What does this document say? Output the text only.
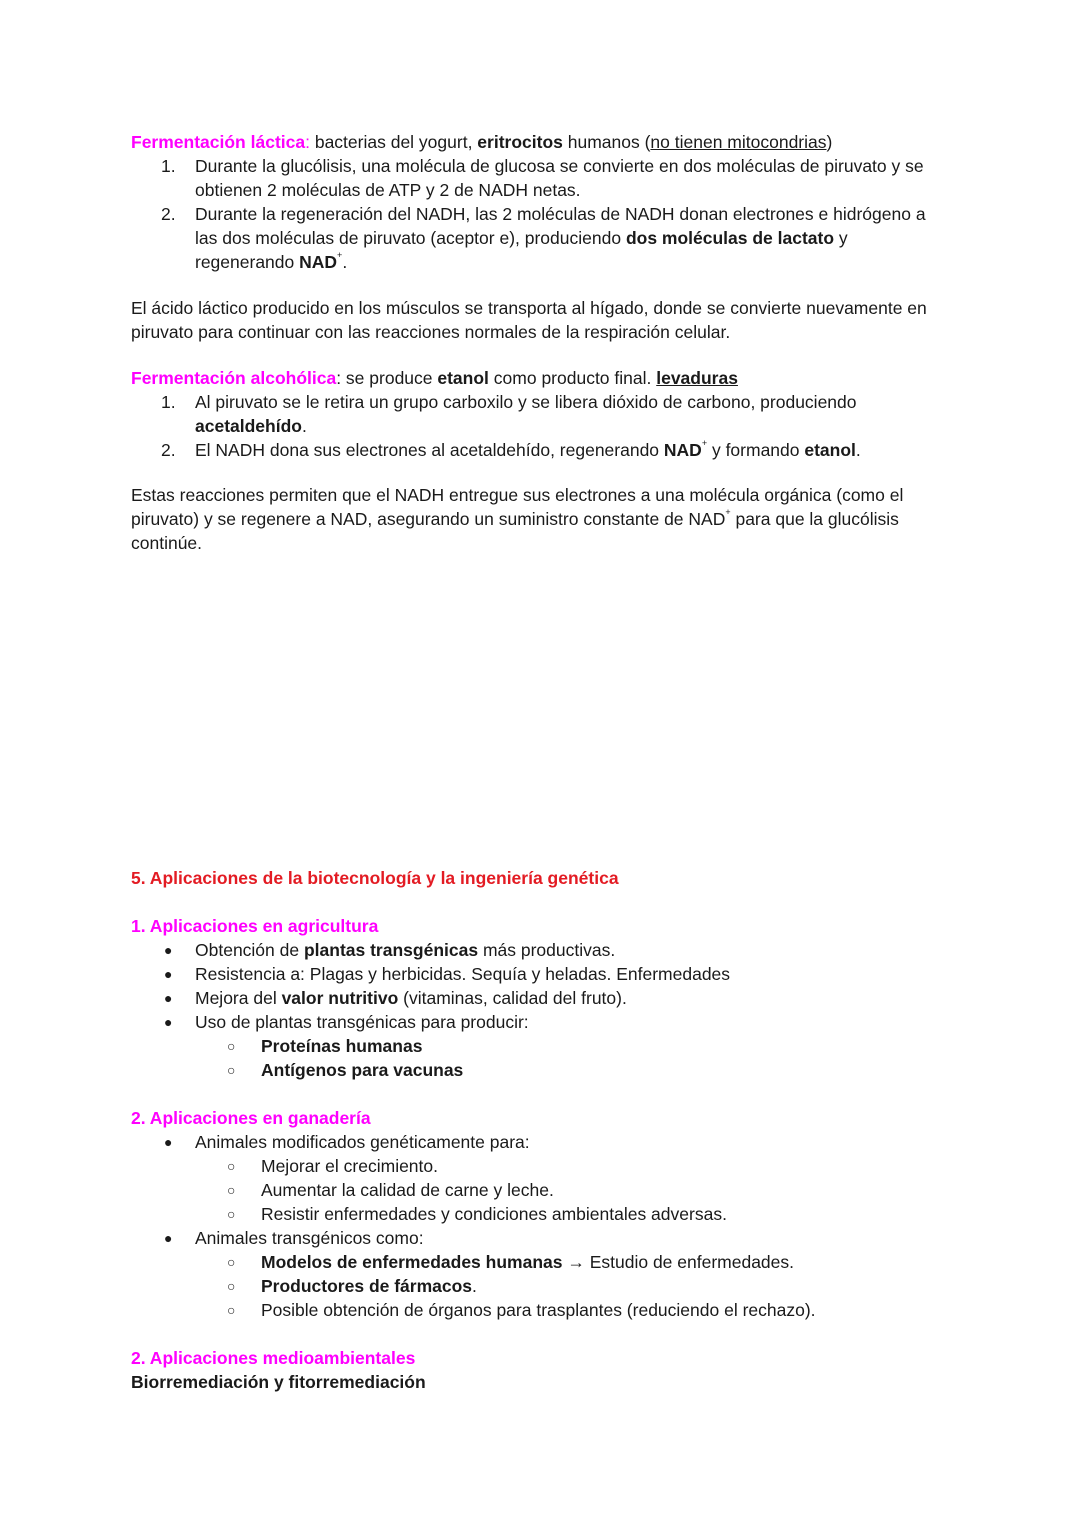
Fermentación láctica: bacterias del yogurt, eritrocitos humanos (no tienen mitocondrias)

1. Durante la glucólisis, una molécula de glucosa se convierte en dos moléculas de piruvato y se obtienen 2 moléculas de ATP y 2 de NADH netas.
2. Durante la regeneración del NADH, las 2 moléculas de NADH donan electrones e hidrógeno a las dos moléculas de piruvato (aceptor e), produciendo dos moléculas de lactato y regenerando NAD+.

El ácido láctico producido en los músculos se transporta al hígado, donde se convierte nuevamente en piruvato para continuar con las reacciones normales de la respiración celular.

Fermentación alcohólica: se produce etanol como producto final. levaduras

1. Al piruvato se le retira un grupo carboxilo y se libera dióxido de carbono, produciendo acetaldehído.
2. El NADH dona sus electrones al acetaldehído, regenerando NAD+ y formando etanol.

Estas reacciones permiten que el NADH entregue sus electrones a una molécula orgánica (como el piruvato) y se regenere a NAD, asegurando un suministro constante de NAD+ para que la glucólisis continúe.

5. Aplicaciones de la biotecnología y la ingeniería genética

1. Aplicaciones en agricultura

● Obtención de plantas transgénicas más productivas.
● Resistencia a: Plagas y herbicidas. Sequía y heladas. Enfermedades
● Mejora del valor nutritivo (vitaminas, calidad del fruto).
● Uso de plantas transgénicas para producir:
○ Proteínas humanas
○ Antígenos para vacunas

2. Aplicaciones en ganadería

● Animales modificados genéticamente para:
○ Mejorar el crecimiento.
○ Aumentar la calidad de carne y leche.
○ Resistir enfermedades y condiciones ambientales adversas.
● Animales transgénicos como:
○ Modelos de enfermedades humanas → Estudio de enfermedades.
○ Productores de fármacos.
○ Posible obtención de órganos para trasplantes (reduciendo el rechazo).

2. Aplicaciones medioambientales

Biorremediación y fitorremediación
